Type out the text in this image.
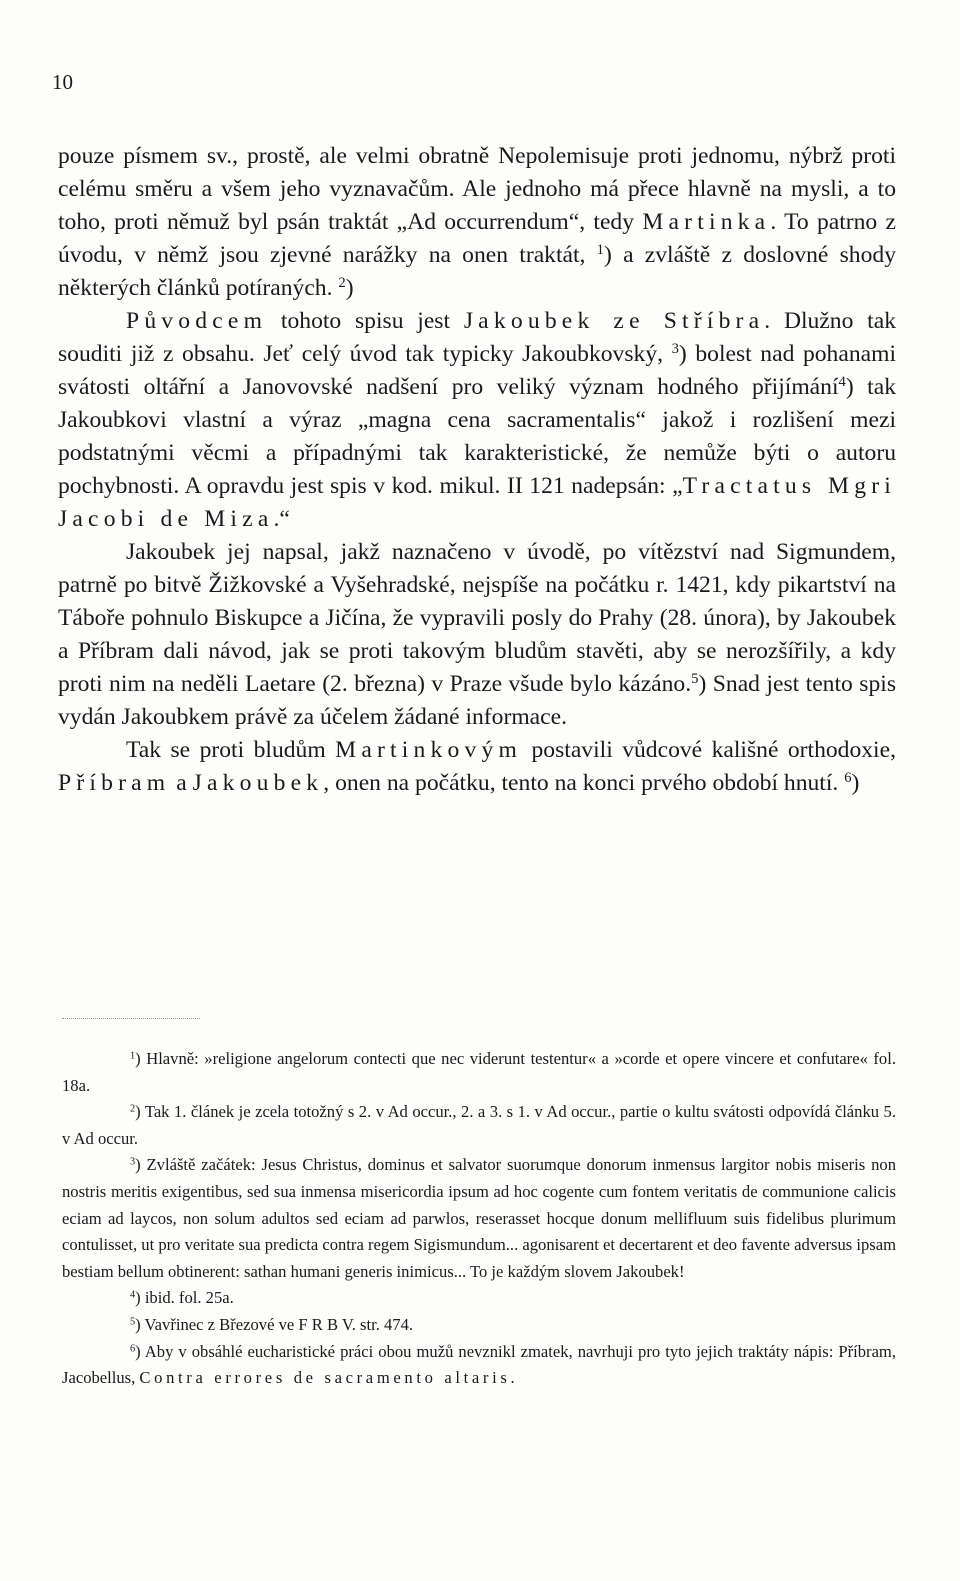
10

pouze písmem sv., prostě, ale velmi obratně Nepolemisuje proti jednomu, nýbrž proti celému směru a všem jeho vyznavačům. Ale jednoho má přece hlavně na mysli, a to toho, proti němuž byl psán traktát „Ad occurrendum“, tedy Martinka. To patrno z úvodu, v němž jsou zjevné narážky na onen traktát, $^1$) a zvláště z doslovné shody některých článků potíraných. $^2$)

Původcem tohoto spisu jest Jakoubek ze Stříbra. Dlužno tak souditi již z obsahu. Jeť celý úvod tak typicky Jakoubkovský, $^3$) bolest nad pohanami svátosti oltářní a Janovovské nadšení pro veliký význam hodného přijímání$^4$) tak Jakoubkovi vlastní a výraz „magna cena sacramentalis“ jakož i rozlišení mezi podstatnými věcmi a případnými tak karakteristické, že nemůže býti o autoru pochybnosti. A opravdu jest spis v kod. mikul. II 121 nadepsán: „Tractatus Mgri Jacobi de Miza.“

Jakoubek jej napsal, jakž naznačeno v úvodě, po vítězství nad Sigmundem, patrně po bitvě Žižkovské a Vyšehradské, nejspíše na počátku r. 1421, kdy pikartství na Táboře pohnulo Biskupce a Jičína, že vypravili posly do Prahy (28. února), by Jakoubek a Příbram dali návod, jak se proti takovým bludům stavěti, aby se nerozšířily, a kdy proti nim na neděli Laetare (2. března) v Praze všude bylo kázáno.$^5$) Snad jest tento spis vydán Jakoubkem právě za účelem žádané informace.

Tak se proti bludům Martinkovým postavili vůdcové kališné orthodoxie, Příbram a Jakoubek, onen na počátku, tento na konci prvého období hnutí. $^6$)

$^1$) Hlavně: »religione angelorum contecti que nec viderunt testentur« a »corde et opere vincere et confutare« fol. 18a.

$^2$) Tak 1. článek je zcela totožný s 2. v Ad occur., 2. a 3. s 1. v Ad occur., partie o kultu svátosti odpovídá článku 5. v Ad occur.

$^3$) Zvláště začátek: Jesus Christus, dominus et salvator suorumque donorum inmensus largitor nobis miseris non nostris meritis exigentibus, sed sua inmensa misericordia ipsum ad hoc cogente cum fontem veritatis de communione calicis eciam ad laycos, non solum adultos sed eciam ad parwlos, reserasset hocque donum mellifluum suis fidelibus plurimum contulisset, ut pro veritate sua predicta contra regem Sigismundum... agonisarent et decertarent et deo favente adversus ipsam bestiam bellum obtinerent: sathan humani generis inimicus... To je každým slovem Jakoubek!

$^4$) ibid. fol. 25a.

$^5$) Vavřinec z Březové ve F R B V. str. 474.

$^6$) Aby v obsáhlé eucharistické práci obou mužů nevznikl zmatek, navrhuji pro tyto jejich traktáty nápis: Příbram, Jacobellus, Contra errores de sacramento altaris.
